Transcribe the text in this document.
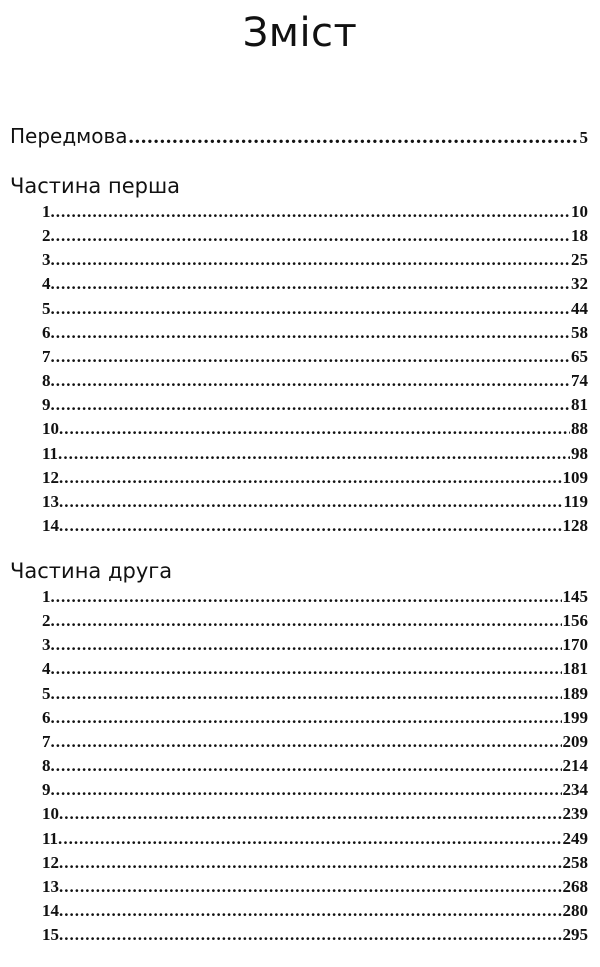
Зміст
Передмова .....	5
Частина перша
1. .....	10
2. .....	18
3. .....	25
4. .....	32
5. .....	44
6. .....	58
7. .....	65
8. .....	74
9. .....	81
10. .....	88
11. .....	98
12. .....	109
13. .....	119
14. .....	128
Частина друга
1. .....	145
2. .....	156
3. .....	170
4. .....	181
5. .....	189
6. .....	199
7. .....	209
8. .....	214
9. .....	234
10. .....	239
11. .....	249
12. .....	258
13. .....	268
14. .....	280
15. .....	295
